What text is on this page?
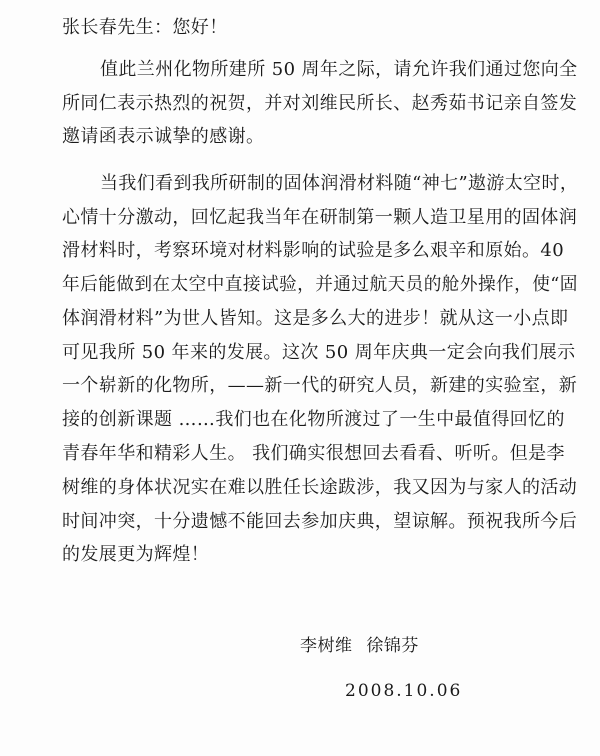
张长春先生：您好！
值此兰州化物所建所 50 周年之际，请允许我们通过您向全
所同仁表示热烈的祝贺，并对刘维民所长、赵秀茹书记亲自签发
邀请函表示诚挚的感谢。
当我们看到我所研制的固体润滑材料随“神七”遨游太空时，
心情十分激动，回忆起我当年在研制第一颗人造卫星用的固体润
滑材料时，考察环境对材料影响的试验是多么艰辛和原始。40
年后能做到在太空中直接试验，并通过航天员的舱外操作，使“固
体润滑材料”为世人皆知。这是多么大的进步！就从这一小点即
可见我所 50 年来的发展。这次 50 周年庆典一定会向我们展示
一个崭新的化物所，——新一代的研究人员，新建的实验室，新
接的创新课题 ……我们也在化物所渡过了一生中最值得回忆的
青春年华和精彩人生。 我们确实很想回去看看、听听。但是李
树维的身体状况实在难以胜任长途跋涉，我又因为与家人的活动
时间冲突，十分遗憾不能回去参加庆典，望谅解。预祝我所今后
的发展更为辉煌！
李树维 徐锦芬
2008.10.06
